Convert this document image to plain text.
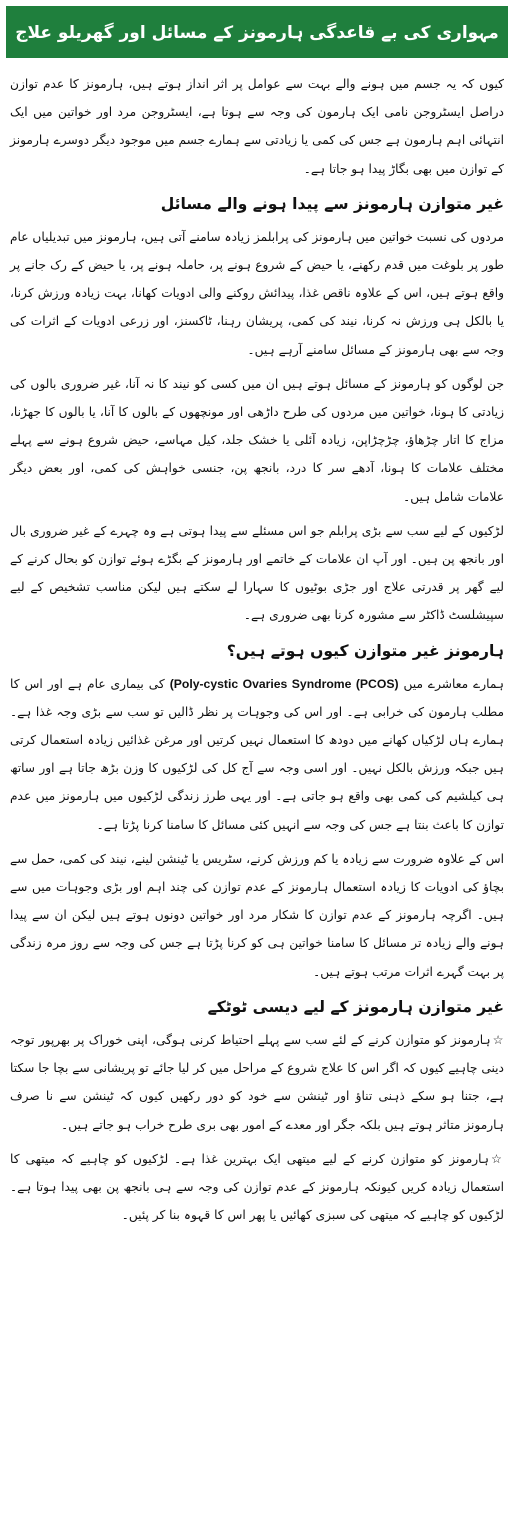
مہواری کی بے قاعدگی ہارمونز کے مسائل اور گھریلو علاج

کیوں کہ یہ جسم میں ہونے والے بہت سے عوامل پر اثر انداز ہوتے ہیں، ہارمونز کا عدم توازن دراصل ایسٹروجن نامی ایک ہارمون کی وجہ سے ہوتا ہے، ایسٹروجن مرد اور خواتین میں ایک انتہائی اہم ہارمون ہے جس کی کمی یا زیادتی سے ہمارے جسم میں موجود دیگر دوسرے ہارمونز کے توازن میں بھی بگاڑ پیدا ہو جاتا ہے۔

غیر متوازن ہارمونز سے پیدا ہونے والے مسائل

مردوں کی نسبت خواتین میں ہارمونز کی پرابلمز زیادہ سامنے آتی ہیں، ہارمونز میں تبدیلیاں عام طور پر بلوغت میں قدم رکھنے، یا حیض کے شروع ہونے پر، حاملہ ہونے پر، یا حیض کے رک جانے پر واقع ہوتے ہیں، اس کے علاوہ ناقص غذا، پیدائش روکنے والی ادویات کھانا، بہت زیادہ ورزش کرنا، یا بالکل ہی ورزش نہ کرنا، نیند کی کمی، پریشان رہنا، ٹاکسنز، اور زرعی ادویات کے اثرات کی وجہ سے بھی ہارمونز کے مسائل سامنے آرہے ہیں۔

جن لوگوں کو ہارمونز کے مسائل ہوتے ہیں ان میں کسی کو نیند کا نہ آنا، غیر ضروری بالوں کی زیادتی کا ہونا، خواتین میں مردوں کی طرح داڑھی اور مونچھوں کے بالوں کا آنا، یا بالوں کا جھڑنا، مزاج کا اتار چڑھاؤ، چڑچڑاپن، زیادہ آئلی یا خشک جلد، کیل مہاسے، حیض شروع ہونے سے پہلے مختلف علامات کا ہونا، آدھے سر کا درد، بانجھ پن، جنسی خواہش کی کمی، اور بعض دیگر علامات شامل ہیں۔

لڑکیوں کے لیے سب سے بڑی پرابلم جو اس مسئلے سے پیدا ہوتی ہے وہ چہرے کے غیر ضروری بال اور بانجھ پن ہیں۔ اور آپ ان علامات کے خاتمے اور ہارمونز کے بگڑے ہوئے توازن کو بحال کرنے کے لیے گھر پر قدرتی علاج اور جڑی بوٹیوں کا سہارا لے سکتے ہیں لیکن مناسب تشخیص کے لیے سپیشلسٹ ڈاکٹر سے مشورہ کرنا بھی ضروری ہے۔

ہارمونز غیر متوازن کیوں ہوتے ہیں؟

ہمارے معاشرے میں (Poly-cystic Ovaries Syndrome (PCOS) کی بیماری عام ہے اور اس کا مطلب ہارمون کی خرابی ہے۔ اور اس کی وجوہات پر نظر ڈالیں تو سب سے بڑی وجہ غذا ہے۔ ہمارے ہاں لڑکیاں کھانے میں دودھ کا استعمال نہیں کرتیں اور مرغن غذائیں زیادہ استعمال کرتی ہیں جبکہ ورزش بالکل نہیں۔ اور اسی وجہ سے آج کل کی لڑکیوں کا وزن بڑھ جاتا ہے اور ساتھ ہی کیلشیم کی کمی بھی واقع ہو جاتی ہے۔ اور یہی طرز زندگی لڑکیوں میں ہارمونز میں عدم توازن کا باعث بنتا ہے جس کی وجہ سے انہیں کئی مسائل کا سامنا کرنا پڑتا ہے۔

اس کے علاوہ ضرورت سے زیادہ یا کم ورزش کرنے، سٹریس یا ٹینشن لینے، نیند کی کمی، حمل سے بچاؤ کی ادویات کا زیادہ استعمال ہارمونز کے عدم توازن کی چند اہم اور بڑی وجوہات میں سے ہیں۔ اگرچہ ہارمونز کے عدم توازن کا شکار مرد اور خواتین دونوں ہوتے ہیں لیکن ان سے پیدا ہونے والے زیادہ تر مسائل کا سامنا خواتین ہی کو کرنا پڑتا ہے جس کی وجہ سے روز مرہ زندگی پر بہت گہرے اثرات مرتب ہوتے ہیں۔

غیر متوازن ہارمونز کے لیے دیسی ٹوٹکے

☆ہارمونز کو متوازن کرنے کے لئے سب سے پہلے احتیاط کرنی ہوگی، اپنی خوراک پر بھرپور توجہ دینی چاہیے کیوں کہ اگر اس کا علاج شروع کے مراحل میں کر لیا جائے تو پریشانی سے بچا جا سکتا ہے، جتنا ہو سکے ذہنی تناؤ اور ٹینشن سے خود کو دور رکھیں کیوں کہ ٹینشن سے نا صرف ہارمونز متاثر ہوتے ہیں بلکہ جگر اور معدے کے امور بھی بری طرح خراب ہو جاتے ہیں۔

☆ہارمونز کو متوازن کرنے کے لیے میتھی ایک بہترین غذا ہے۔ لڑکیوں کو چاہیے کہ میتھی کا استعمال زیادہ کریں کیونکہ ہارمونز کے عدم توازن کی وجہ سے ہی بانجھ پن بھی پیدا ہوتا ہے۔ لڑکیوں کو چاہیے کہ میتھی کی سبزی کھائیں یا پھر اس کا قہوہ بنا کر پئیں۔
